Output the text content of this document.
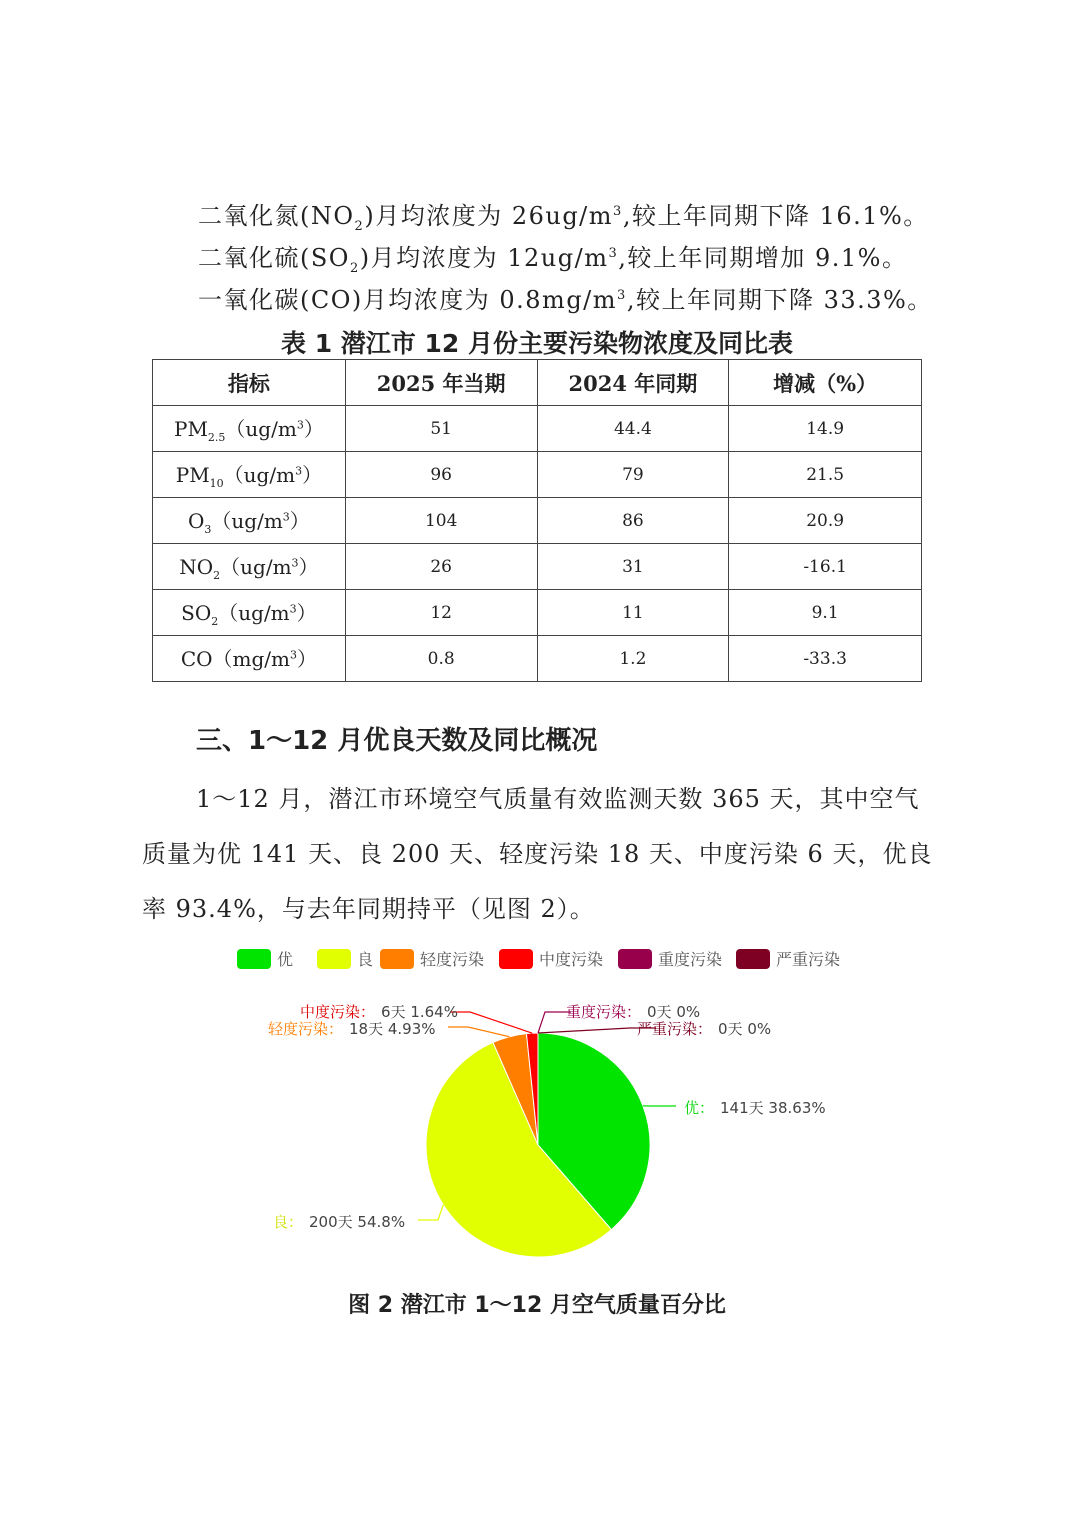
二氧化氮$(NO_2)$月均浓度为 $26ug/m^3$,较上年同期下降 16.1%。
二氧化硫$(SO_2)$月均浓度为 $12ug/m^3$,较上年同期增加 9.1%。
一氧化碳(CO)月均浓度为 $0.8mg/m^3$,较上年同期下降 33.3%。
表 1 潜江市 12 月份主要污染物浓度及同比表
指标	2025 年当期	2024 年同期	增减（%）
$PM_{2.5}(ug/m^3)$	51	44.4	14.9
$PM_{10}(ug/m^3)$	96	79	21.5
$O_3(ug/m^3)$	104	86	20.9
$NO_2(ug/m^3)$	26	31	-16.1
$SO_2(ug/m^3)$	12	11	9.1
$CO(mg/m^3)$	0.8	1.2	-33.3
三、1～12 月优良天数及同比概况
1～12 月，潜江市环境空气质量有效监测天数 365 天，其中空气质量为优 141 天、良 200 天、轻度污染 18 天、中度污染 6 天，优良率 93.4%，与去年同期持平（见图 2）。
优	良	轻度污染	中度污染	重度污染	严重污染
优： 141天 38.63%
良： 200天 54.8%
轻度污染： 18天 4.93%
中度污染： 6天 1.64%	重度污染： 0天 0%
严重污染： 0天 0%
图 2 潜江市 1～12 月空气质量百分比
